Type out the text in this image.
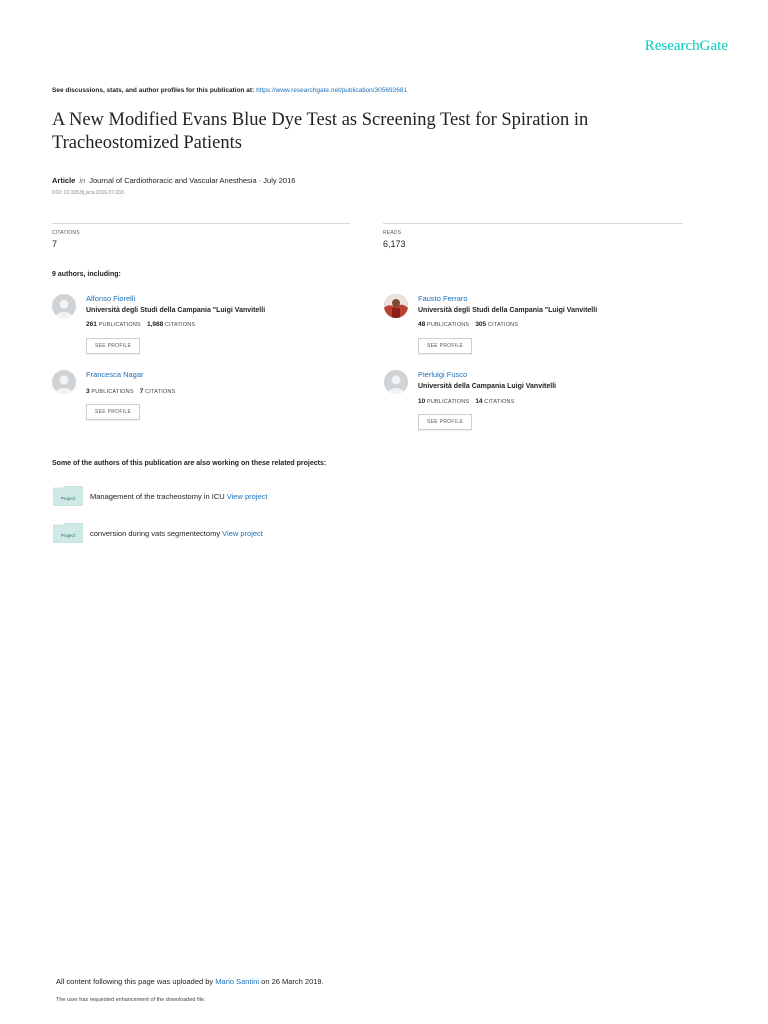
ResearchGate
See discussions, stats, and author profiles for this publication at: https://www.researchgate.net/publication/305692681
A New Modified Evans Blue Dye Test as Screening Test for Spiration in Tracheostomized Patients
Article in Journal of Cardiothoracic and Vascular Anesthesia · July 2016
DOI: 10.1053/j.jvca.2016.07.033
CITATIONS
7
READS
6,173
9 authors, including:
Alfonso Fiorelli
Università degli Studi della Campania "Luigi Vanvitelli
261 PUBLICATIONS 1,988 CITATIONS
SEE PROFILE
Fausto Ferraro
Università degli Studi della Campania "Luigi Vanvitelli
48 PUBLICATIONS 305 CITATIONS
SEE PROFILE
Francesca Nagar
3 PUBLICATIONS 7 CITATIONS
SEE PROFILE
Pierluigi Fusco
Università della Campania Luigi Vanvitelli
10 PUBLICATIONS 14 CITATIONS
SEE PROFILE
Some of the authors of this publication are also working on these related projects:
Project Management of the tracheostomy in ICU View project
Project conversion during vats segmentectomy View project
All content following this page was uploaded by Mario Santini on 26 March 2019.
The user has requested enhancement of the downloaded file.
